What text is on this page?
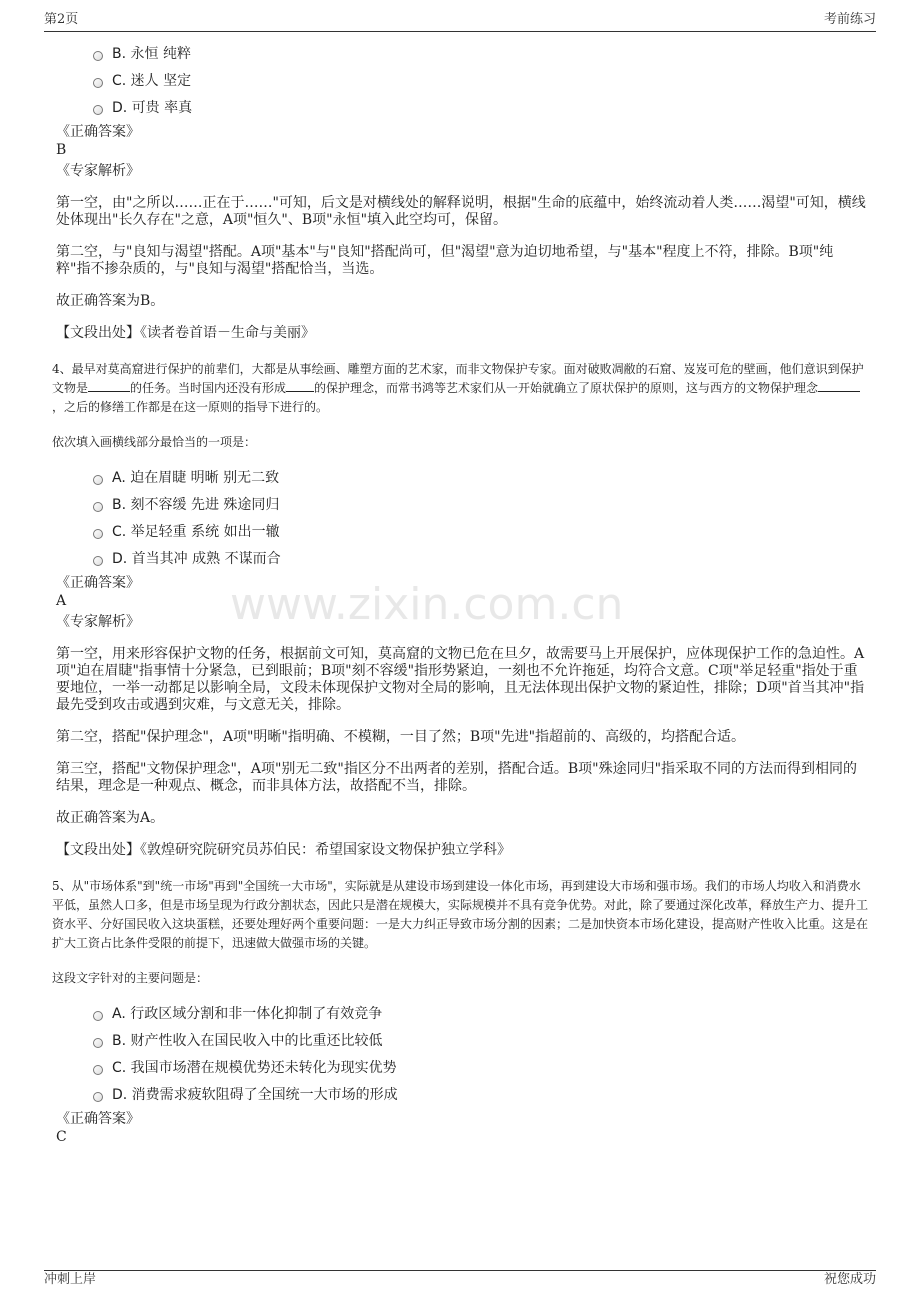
第2页	考前练习
B. 永恒 纯粹
C. 迷人 坚定
D. 可贵 率真
《正确答案》
B
《专家解析》
第一空，由"之所以……正在于……"可知，后文是对横线处的解释说明，根据"生命的底蕴中，始终流动着人类……渴望"可知，横线处体现出"长久存在"之意，A项"恒久"、B项"永恒"填入此空均可，保留。
第二空，与"良知与渴望"搭配。A项"基本"与"良知"搭配尚可，但"渴望"意为迫切地希望，与"基本"程度上不符，排除。B项"纯粹"指不掺杂质的，与"良知与渴望"搭配恰当，当选。
故正确答案为B。
【文段出处】《读者卷首语－生命与美丽》
4、最早对莫高窟进行保护的前辈们，大都是从事绘画、雕塑方面的艺术家，而非文物保护专家。面对破败凋敝的石窟、岌岌可危的壁画，他们意识到保护文物是	的任务。当时国内还没有形成 的保护理念，而常书鸿等艺术家们从一开始就确立了原状保护的原则，这与西方的文物保护理念，之后的修缮工作都是在这一原则的指导下进行的。
依次填入画横线部分最恰当的一项是：
A. 迫在眉睫 明晰 别无二致
B. 刻不容缓 先进 殊途同归
C. 举足轻重 系统 如出一辙
D. 首当其冲 成熟 不谋而合
www.zixin.com.cn
《正确答案》
A
《专家解析》
第一空，用来形容保护文物的任务，根据前文可知，莫高窟的文物已危在旦夕，故需要马上开展保护，应体现保护工作的急迫性。A项"迫在眉睫"指事情十分紧急，已到眼前；B项"刻不容缓"指形势紧迫，一刻也不允许拖延，均符合文意。C项"举足轻重"指处于重要地位，一举一动都足以影响全局，文段未体现保护文物对全局的影响，且无法体现出保护文物的紧迫性，排除；D项"首当其冲"指最先受到攻击或遇到灾难，与文意无关，排除。
第二空，搭配"保护理念"，A项"明晰"指明确、不模糊，一目了然；B项"先进"指超前的、高级的，均搭配合适。
第三空，搭配"文物保护理念"，A项"别无二致"指区分不出两者的差别，搭配合适。B项"殊途同归"指采取不同的方法而得到相同的结果，理念是一种观点、概念，而非具体方法，故搭配不当，排除。
故正确答案为A。
【文段出处】《敦煌研究院研究员苏伯民：希望国家设文物保护独立学科》
5、从"市场体系"到"统一市场"再到"全国统一大市场"，实际就是从建设市场到建设一体化市场，再到建设大市场和强市场。我们的市场人均收入和消费水平低，虽然人口多，但是市场呈现为行政分割状态，因此只是潜在规模大，实际规模并不具有竞争优势。对此，除了要通过深化改革，释放生产力、提升工资水平、分好国民收入这块蛋糕，还要处理好两个重要问题：一是大力纠正导致市场分割的因素；二是加快资本市场化建设，提高财产性收入比重。这是在扩大工资占比条件受限的前提下，迅速做大做强市场的关键。
这段文字针对的主要问题是：
A. 行政区域分割和非一体化抑制了有效竞争
B. 财产性收入在国民收入中的比重还比较低
C. 我国市场潜在规模优势还未转化为现实优势
D. 消费需求疲软阻碍了全国统一大市场的形成
《正确答案》
C
冲刺上岸	祝您成功
